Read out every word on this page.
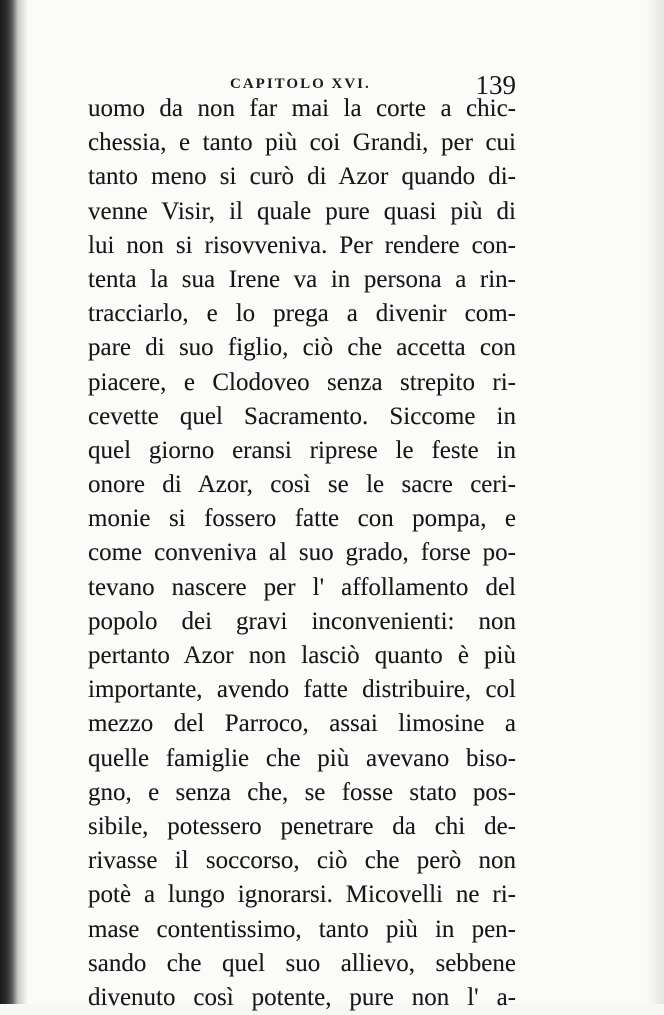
CAPITOLO XVI.	139
uomo da non far mai la corte a chic-
chessia, e tanto più coi Grandi, per cui
tanto meno si curò di Azor quando di-
venne Visir, il quale pure quasi più di
lui non si risovveniva. Per rendere con-
tenta la sua Irene va in persona a rin-
tracciarlo, e lo prega a divenir com-
pare di suo figlio, ciò che accetta con
piacere, e Clodoveo senza strepito ri-
cevette quel Sacramento. Siccome in
quel giorno eransi riprese le feste in
onore di Azor, così se le sacre ceri-
monie si fossero fatte con pompa, e
come conveniva al suo grado, forse po-
tevano nascere per l' affollamento del
popolo dei gravi inconvenienti: non
pertanto Azor non lasciò quanto è più
importante, avendo fatte distribuire, col
mezzo del Parroco, assai limosine a
quelle famiglie che più avevano biso-
gno, e senza che, se fosse stato pos-
sibile, potessero penetrare da chi de-
rivasse il soccorso, ciò che però non
potè a lungo ignorarsi. Micovelli ne ri-
mase contentissimo, tanto più in pen-
sando che quel suo allievo, sebbene
divenuto così potente, pure non l' a-
